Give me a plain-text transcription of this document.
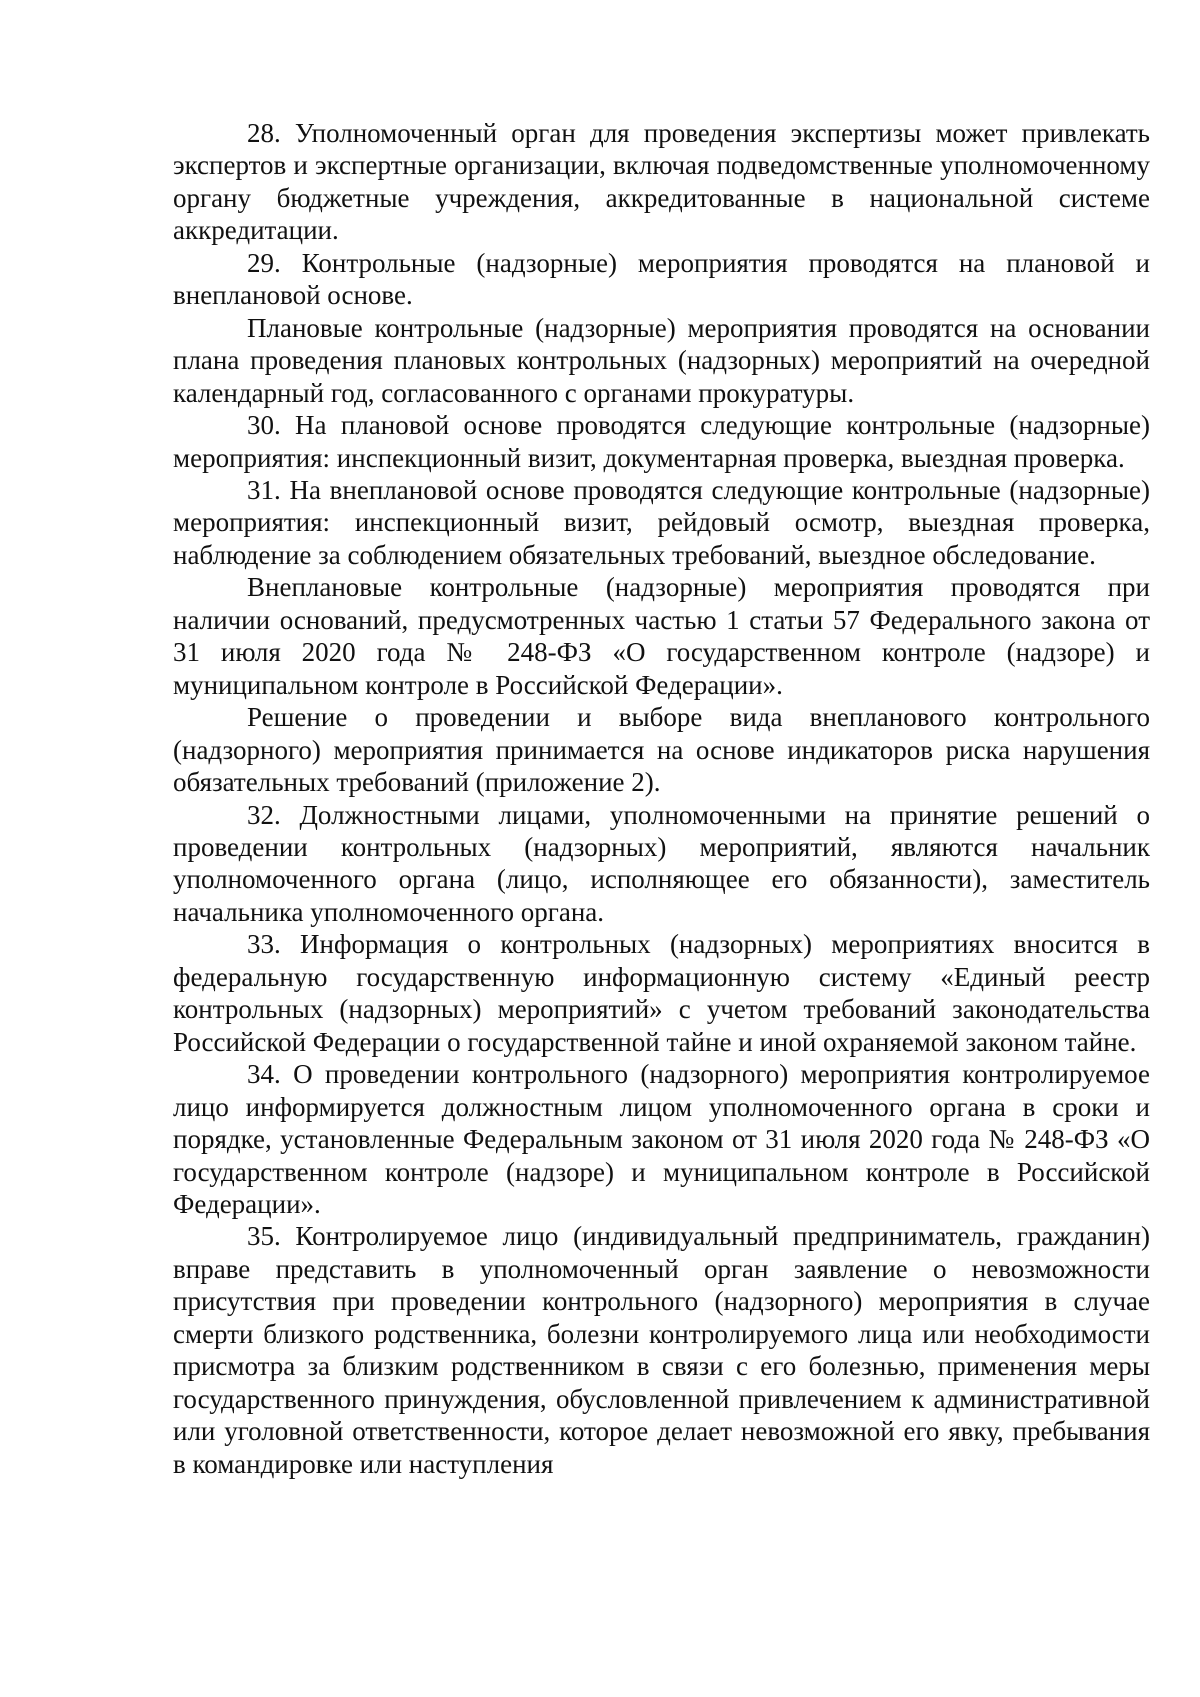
28. Уполномоченный орган для проведения экспертизы может привлекать экспертов и экспертные организации, включая подведомственные уполномоченному органу бюджетные учреждения, аккредитованные в национальной системе аккредитации.

29. Контрольные (надзорные) мероприятия проводятся на плановой и внеплановой основе.

Плановые контрольные (надзорные) мероприятия проводятся на основании плана проведения плановых контрольных (надзорных) мероприятий на очередной календарный год, согласованного с органами прокуратуры.

30. На плановой основе проводятся следующие контрольные (надзорные) мероприятия: инспекционный визит, документарная проверка, выездная проверка.

31. На внеплановой основе проводятся следующие контрольные (надзорные) мероприятия: инспекционный визит, рейдовый осмотр, выездная проверка, наблюдение за соблюдением обязательных требований, выездное обследование.

Внеплановые контрольные (надзорные) мероприятия проводятся при наличии оснований, предусмотренных частью 1 статьи 57 Федерального закона от 31 июля 2020 года № 248-ФЗ «О государственном контроле (надзоре) и муниципальном контроле в Российской Федерации».

Решение о проведении и выборе вида внепланового контрольного (надзорного) мероприятия принимается на основе индикаторов риска нарушения обязательных требований (приложение 2).

32. Должностными лицами, уполномоченными на принятие решений о проведении контрольных (надзорных) мероприятий, являются начальник уполномоченного органа (лицо, исполняющее его обязанности), заместитель начальника уполномоченного органа.

33. Информация о контрольных (надзорных) мероприятиях вносится в федеральную государственную информационную систему «Единый реестр контрольных (надзорных) мероприятий» с учетом требований законодательства Российской Федерации о государственной тайне и иной охраняемой законом тайне.

34. О проведении контрольного (надзорного) мероприятия контролируемое лицо информируется должностным лицом уполномоченного органа в сроки и порядке, установленные Федеральным законом от 31 июля 2020 года № 248-ФЗ «О государственном контроле (надзоре) и муниципальном контроле в Российской Федерации».

35. Контролируемое лицо (индивидуальный предприниматель, гражданин) вправе представить в уполномоченный орган заявление о невозможности присутствия при проведении контрольного (надзорного) мероприятия в случае смерти близкого родственника, болезни контролируемого лица или необходимости присмотра за близким родственником в связи с его болезнью, применения меры государственного принуждения, обусловленной привлечением к административной или уголовной ответственности, которое делает невозможной его явку, пребывания в командировке или наступления
